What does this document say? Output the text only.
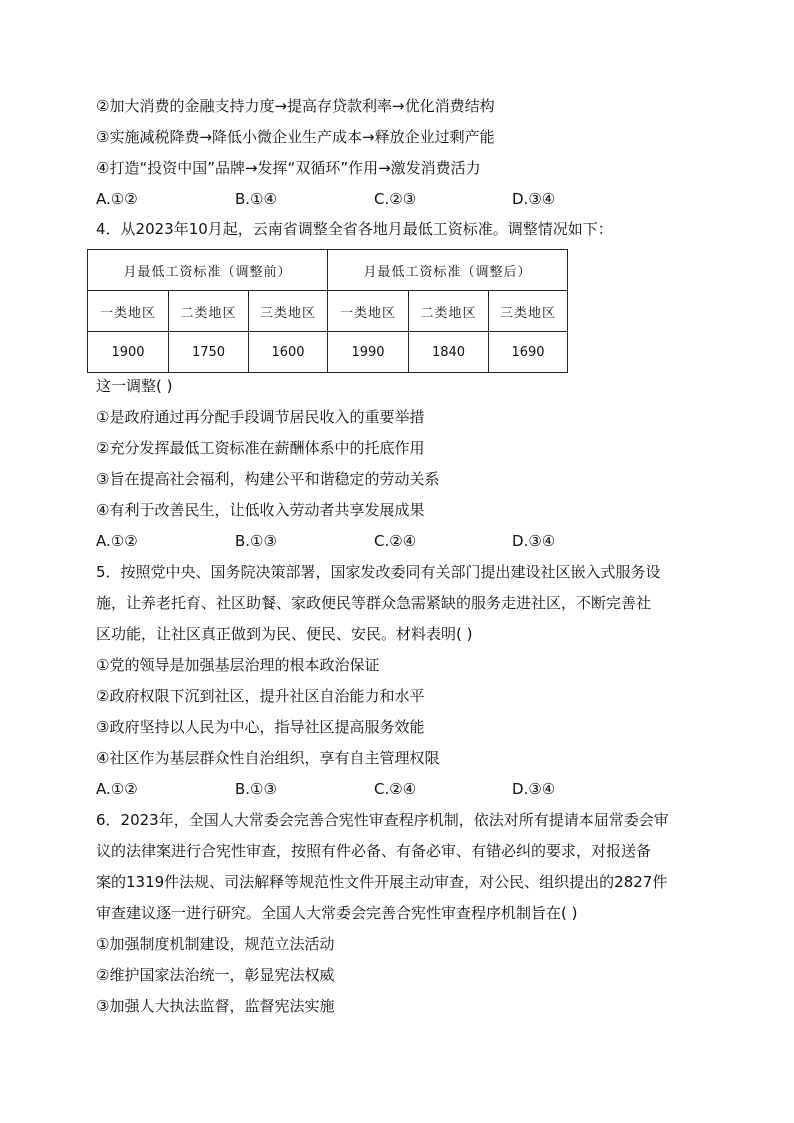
②加大消费的金融支持力度→提高存贷款利率→优化消费结构
③实施减税降费→降低小微企业生产成本→释放企业过剩产能
④打造“投资中国”品牌→发挥“双循环”作用→激发消费活力
A.①②	B.①④	C.②③	D.③④
4．从2023年10月起，云南省调整全省各地月最低工资标准。调整情况如下：
月最低工资标准（调整前）			月最低工资标准（调整后）		
一类地区	二类地区	三类地区	一类地区	二类地区	三类地区
1900	1750	1600	1990	1840	1690
这一调整( )
①是政府通过再分配手段调节居民收入的重要举措
②充分发挥最低工资标准在薪酬体系中的托底作用
③旨在提高社会福利，构建公平和谐稳定的劳动关系
④有利于改善民生，让低收入劳动者共享发展成果
A.①②	B.①③	C.②④	D.③④
5．按照党中央、国务院决策部署，国家发改委同有关部门提出建设社区嵌入式服务设
施，让养老托育、社区助餐、家政便民等群众急需紧缺的服务走进社区，不断完善社
区功能，让社区真正做到为民、便民、安民。材料表明( )
①党的领导是加强基层治理的根本政治保证
②政府权限下沉到社区，提升社区自治能力和水平
③政府坚持以人民为中心，指导社区提高服务效能
④社区作为基层群众性自治组织，享有自主管理权限
A.①②	B.①③	C.②④	D.③④
6．2023年，全国人大常委会完善合宪性审查程序机制，依法对所有提请本届常委会审
议的法律案进行合宪性审查，按照有件必备、有备必审、有错必纠的要求，对报送备
案的1319件法规、司法解释等规范性文件开展主动审查，对公民、组织提出的2827件
审查建议逐一进行研究。全国人大常委会完善合宪性审查程序机制旨在( )
①加强制度机制建设，规范立法活动
②维护国家法治统一，彰显宪法权威
③加强人大执法监督，监督宪法实施
